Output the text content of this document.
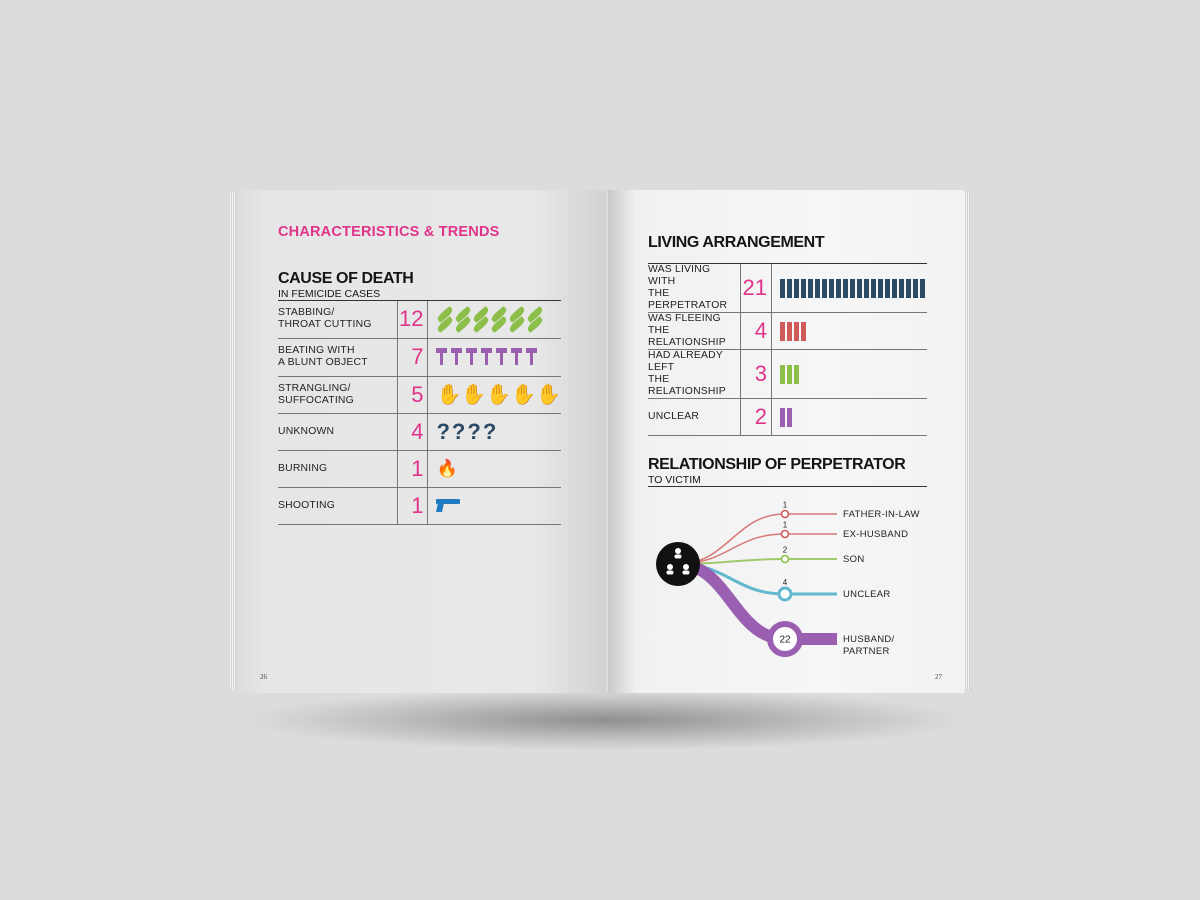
CHARACTERISTICS & TRENDS
CAUSE OF DEATH
IN FEMICIDE CASES
STABBING/
THROAT CUTTING	12	

BEATING WITH
A BLUNT OBJECT	7	
STRANGLING/
SUFFOCATING	5	✋✋✋✋✋
UNKNOWN	4	????
BURNING	1	🔥
SHOOTING	1	
26
LIVING ARRANGEMENT
WAS LIVING WITH
THE PERPETRATOR	21	
WAS FLEEING
THE RELATIONSHIP	4	
HAD ALREADY LEFT
THE RELATIONSHIP	3	
UNCLEAR	2	
RELATIONSHIP OF PERPETRATOR
TO VICTIM
1
FATHER-IN-LAW
1
EX-HUSBAND
2
SON
4
UNCLEAR
22	HUSBAND/
PARTNER
27
